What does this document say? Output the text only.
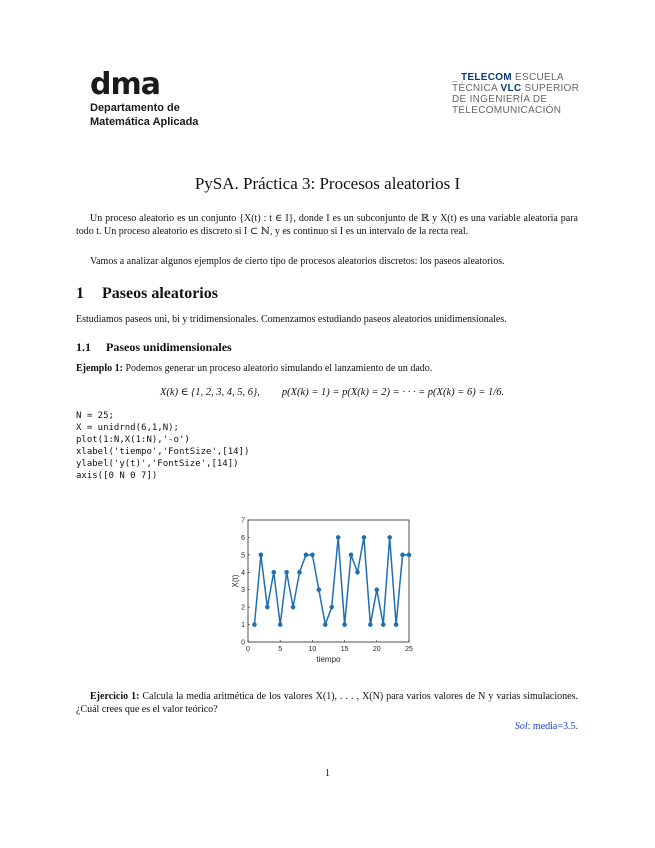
dma
Departamento de
Matemática Aplicada
_ TELECOM ESCUELA
TÉCNICA VLC SUPERIOR
DE INGENIERÍA DE
TELECOMUNICACIÓN
PySA. Práctica 3: Procesos aleatorios I

Un proceso aleatorio es un conjunto {X(t) : t ∈ I}, donde I es un subconjunto de ℝ y X(t) es una variable aleatoria para todo t. Un proceso aleatorio es discreto si I ⊂ ℕ, y es continuo si I es un intervalo de la recta real.

Vamos a analizar algunos ejemplos de cierto tipo de procesos aleatorios discretos: los paseos aleatorios.

1 Paseos aleatorios

Estudiamos paseos uni, bi y tridimensionales. Comenzamos estudiando paseos aleatorios unidimensionales.

1.1 Paseos unidimensionales

Ejemplo 1: Podemos generar un proceso aleatorio simulando el lanzamiento de un dado.

X(k) ∈ {1, 2, 3, 4, 5, 6}, p(X(k) = 1) = p(X(k) = 2) = · · · = p(X(k) = 6) = 1/6.
N = 25;
X = unidrnd(6,1,N);
plot(1:N,X(1:N),'-o')
xlabel('tiempo','FontSize',[14])
ylabel('y(t)','FontSize',[14])
axis([0 N 0 7])
0	5	10	15	20	25
0
1
2
3
4
5
6
7
tiempo
X(t)

Ejercicio 1: Calcula la media aritmética de los valores X(1), . . . , X(N) para varios valores de N y varias simulaciones. ¿Cuál crees que es el valor teórico?

Sol: media=3.5.
1
